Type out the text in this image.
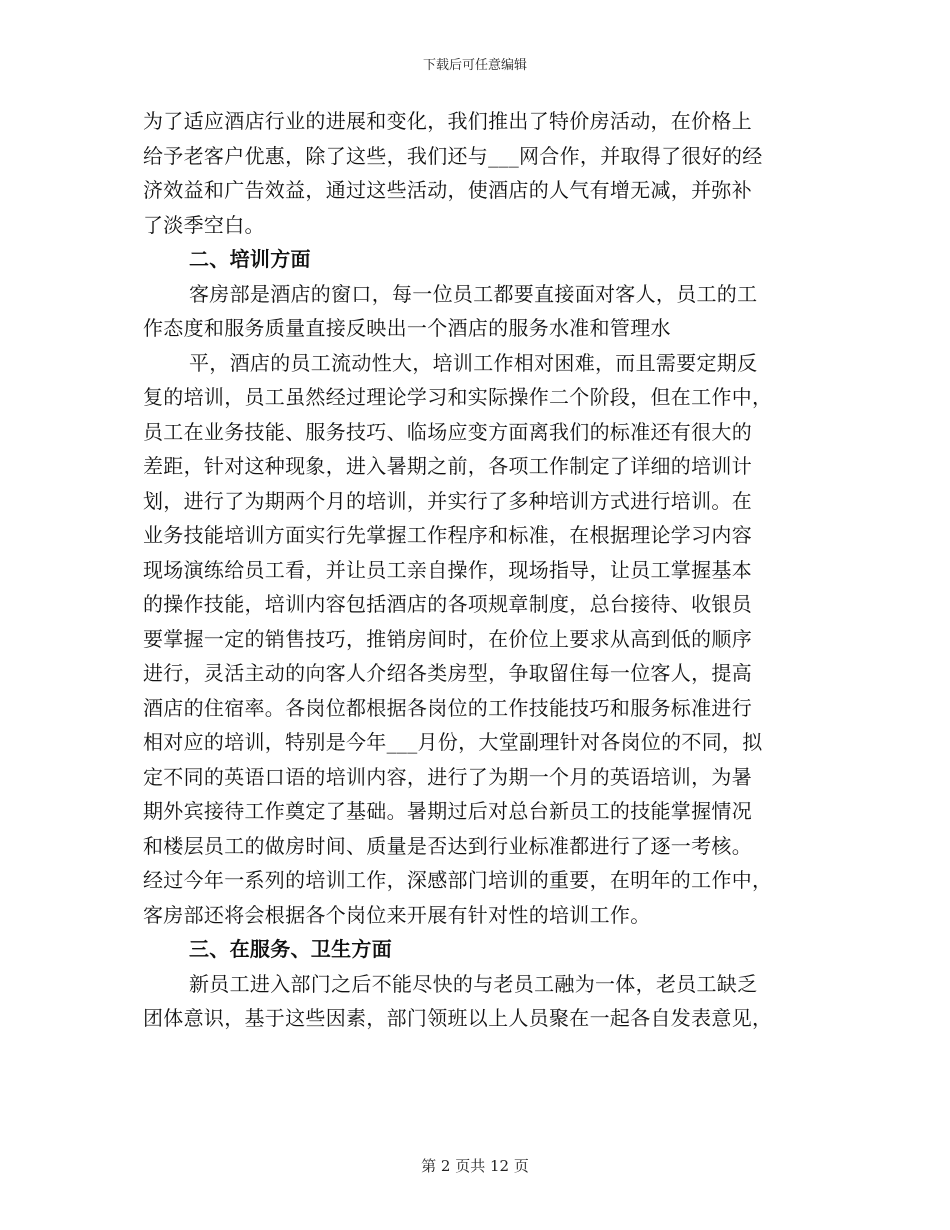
下载后可任意编辑

为了适应酒店行业的进展和变化，我们推出了特价房活动，在价格上

给予老客户优惠，除了这些，我们还与___网合作，并取得了很好的经

济效益和广告效益，通过这些活动，使酒店的人气有增无减，并弥补

了淡季空白。

二、培训方面

客房部是酒店的窗口，每一位员工都要直接面对客人，员工的工

作态度和服务质量直接反映出一个酒店的服务水准和管理水

平，酒店的员工流动性大，培训工作相对困难，而且需要定期反

复的培训，员工虽然经过理论学习和实际操作二个阶段，但在工作中，

员工在业务技能、服务技巧、临场应变方面离我们的标准还有很大的

差距，针对这种现象，进入暑期之前，各项工作制定了详细的培训计

划，进行了为期两个月的培训，并实行了多种培训方式进行培训。在

业务技能培训方面实行先掌握工作程序和标准，在根据理论学习内容

现场演练给员工看，并让员工亲自操作，现场指导，让员工掌握基本

的操作技能，培训内容包括酒店的各项规章制度，总台接待、收银员

要掌握一定的销售技巧，推销房间时，在价位上要求从高到低的顺序

进行，灵活主动的向客人介绍各类房型，争取留住每一位客人，提高

酒店的住宿率。各岗位都根据各岗位的工作技能技巧和服务标准进行

相对应的培训，特别是今年___月份，大堂副理针对各岗位的不同，拟

定不同的英语口语的培训内容，进行了为期一个月的英语培训，为暑

期外宾接待工作奠定了基础。暑期过后对总台新员工的技能掌握情况

和楼层员工的做房时间、质量是否达到行业标准都进行了逐一考核。

经过今年一系列的培训工作，深感部门培训的重要，在明年的工作中，

客房部还将会根据各个岗位来开展有针对性的培训工作。

三、在服务、卫生方面

新员工进入部门之后不能尽快的与老员工融为一体，老员工缺乏

团体意识，基于这些因素，部门领班以上人员聚在一起各自发表意见，

第 2 页共 12 页
